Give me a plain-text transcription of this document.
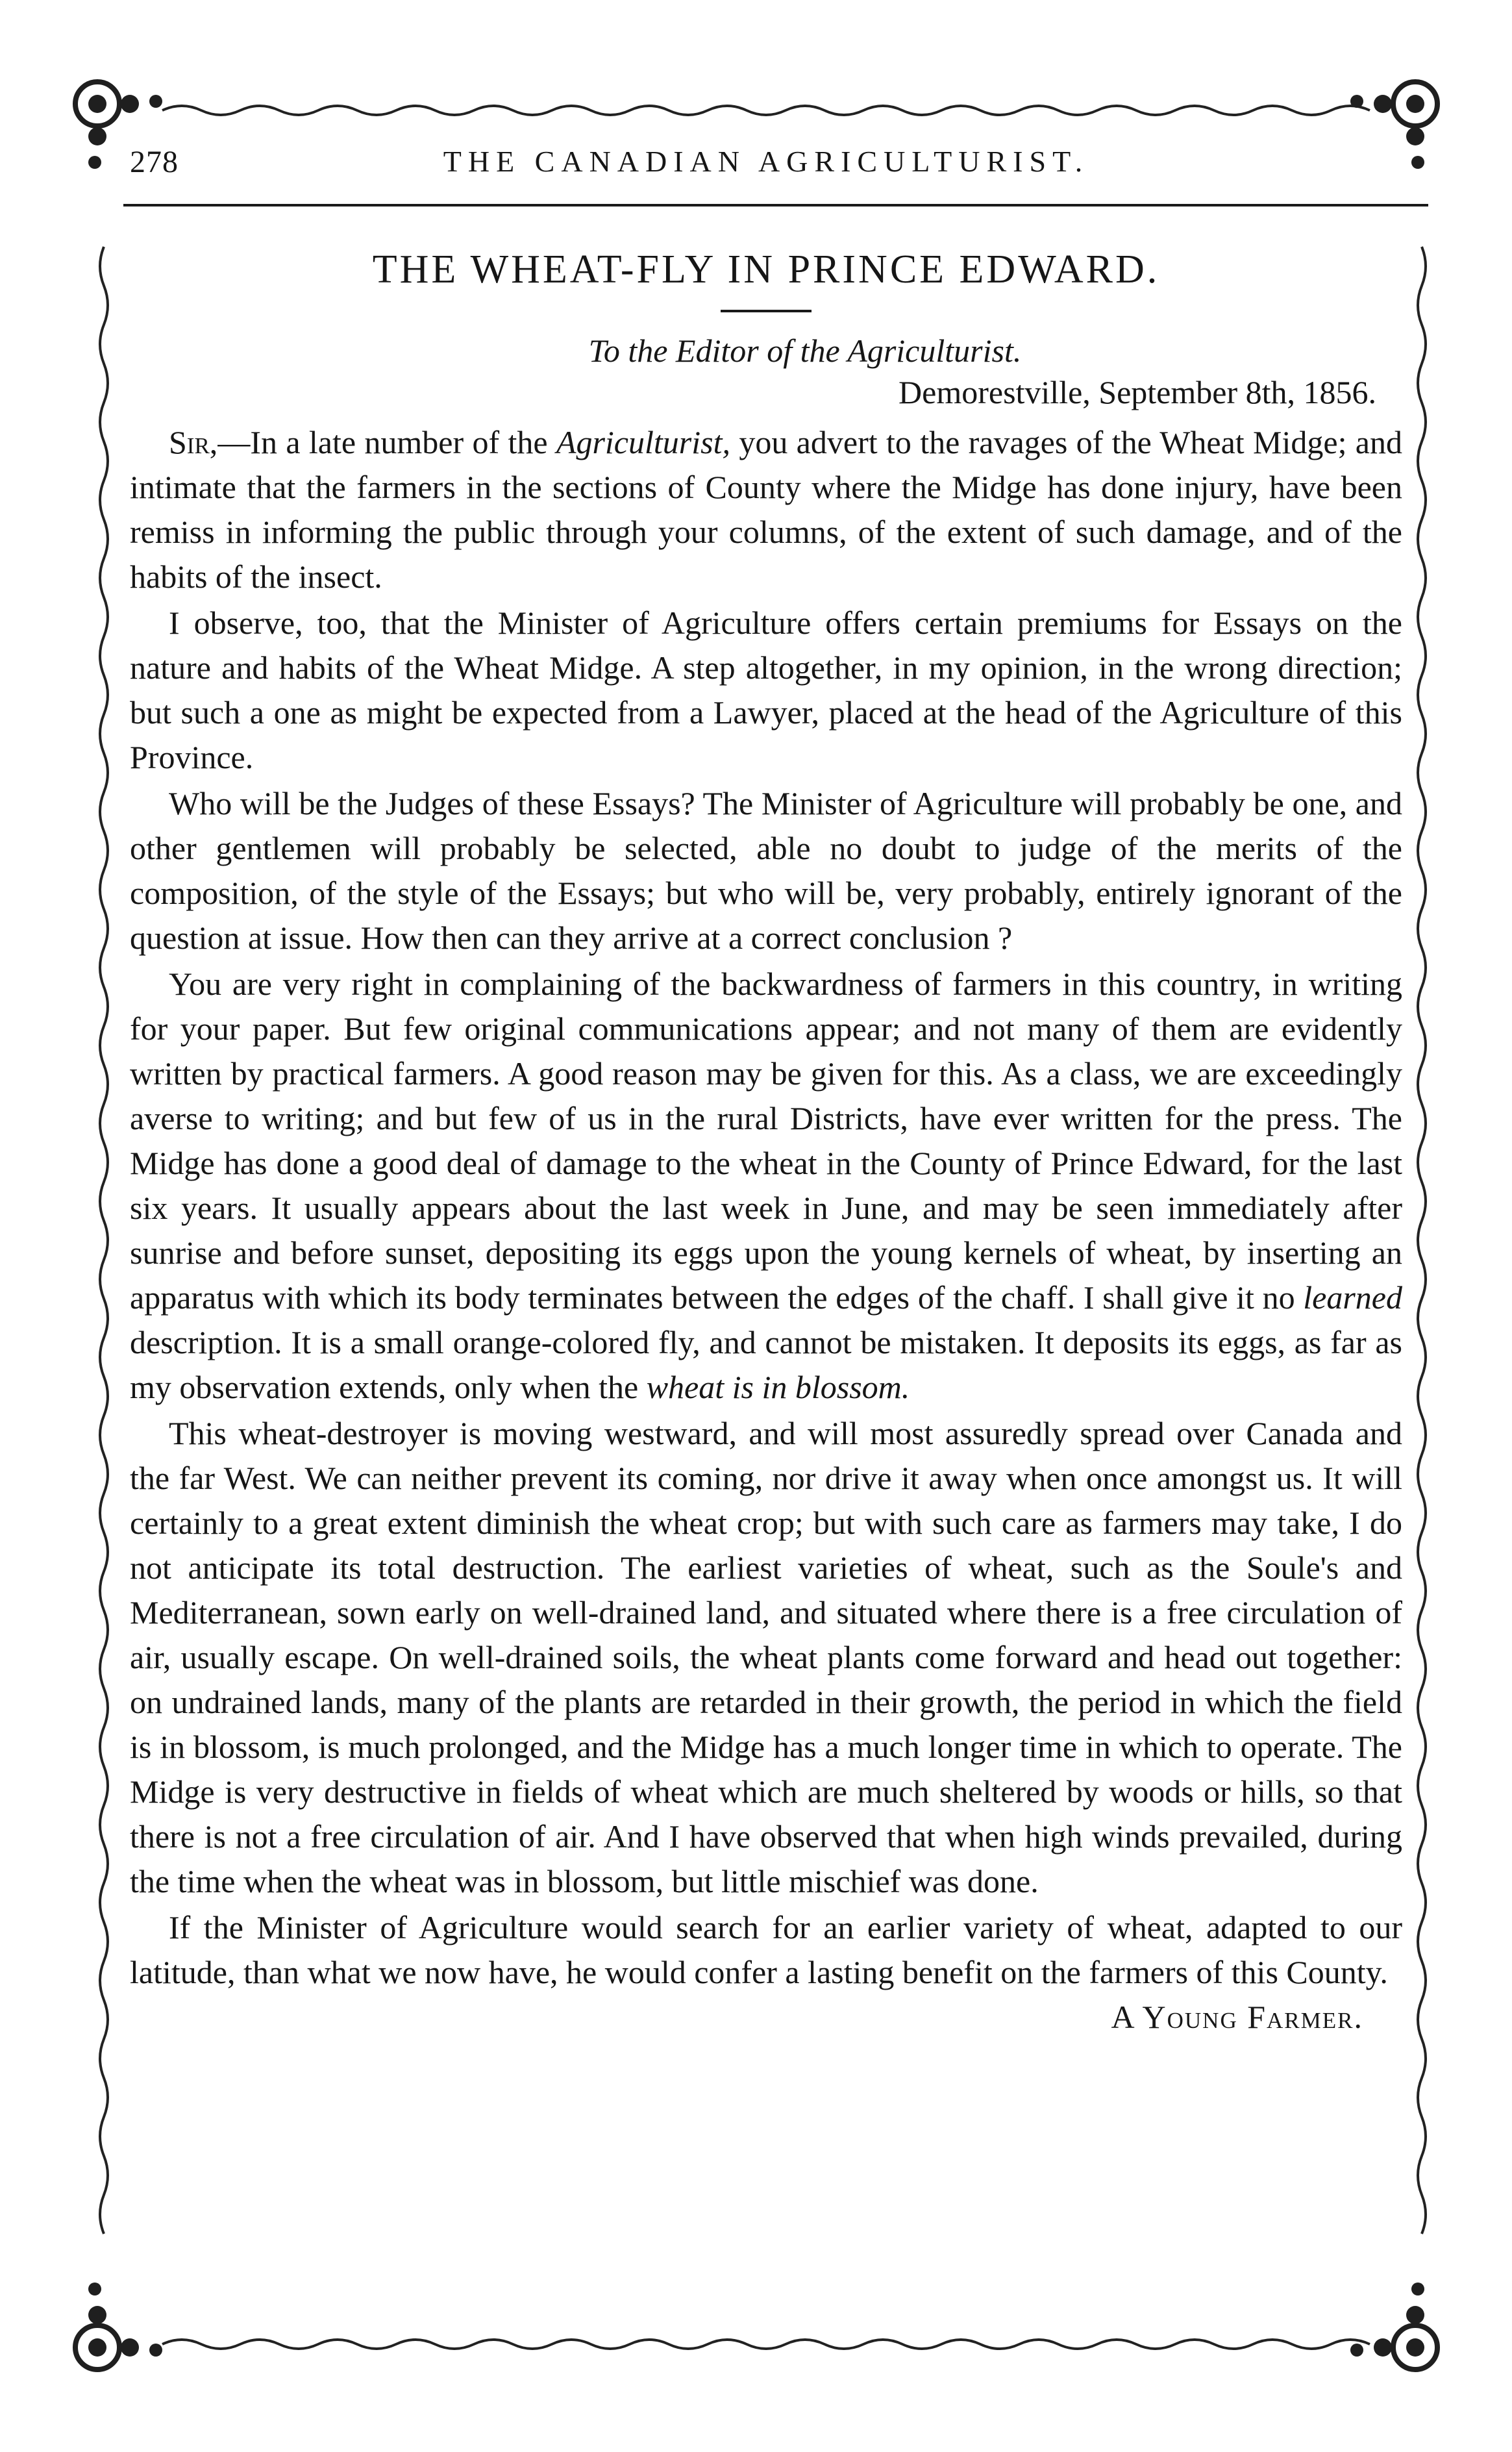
278	THE CANADIAN AGRICULTURIST.
THE WHEAT-FLY IN PRINCE EDWARD.
To the Editor of the Agriculturist.
Demorestville, September 8th, 1856.

Sir,—In a late number of the Agriculturist, you advert to the ravages of the Wheat Midge; and intimate that the farmers in the sections of County where the Midge has done injury, have been remiss in informing the public through your columns, of the extent of such damage, and of the habits of the insect.

I observe, too, that the Minister of Agriculture offers certain premiums for Essays on the nature and habits of the Wheat Midge. A step altogether, in my opinion, in the wrong direction; but such a one as might be expected from a Lawyer, placed at the head of the Agriculture of this Province.

Who will be the Judges of these Essays? The Minister of Agriculture will probably be one, and other gentlemen will probably be selected, able no doubt to judge of the merits of the composition, of the style of the Essays; but who will be, very probably, entirely ignorant of the question at issue. How then can they arrive at a correct conclusion ?

You are very right in complaining of the backwardness of farmers in this country, in writing for your paper. But few original communications appear; and not many of them are evidently written by practical farmers. A good reason may be given for this. As a class, we are exceedingly averse to writing; and but few of us in the rural Districts, have ever written for the press. The Midge has done a good deal of damage to the wheat in the County of Prince Edward, for the last six years. It usually appears about the last week in June, and may be seen immediately after sunrise and before sunset, depositing its eggs upon the young kernels of wheat, by inserting an apparatus with which its body terminates between the edges of the chaff. I shall give it no learned description. It is a small orange-colored fly, and cannot be mistaken. It deposits its eggs, as far as my observation extends, only when the wheat is in blossom.

This wheat-destroyer is moving westward, and will most assuredly spread over Canada and the far West. We can neither prevent its coming, nor drive it away when once amongst us. It will certainly to a great extent diminish the wheat crop; but with such care as farmers may take, I do not anticipate its total destruction. The earliest varieties of wheat, such as the Soule's and Mediterranean, sown early on well-drained land, and situated where there is a free circulation of air, usually escape. On well-drained soils, the wheat plants come forward and head out together: on undrained lands, many of the plants are retarded in their growth, the period in which the field is in blossom, is much prolonged, and the Midge has a much longer time in which to operate. The Midge is very destructive in fields of wheat which are much sheltered by woods or hills, so that there is not a free circulation of air. And I have observed that when high winds prevailed, during the time when the wheat was in blossom, but little mischief was done.

If the Minister of Agriculture would search for an earlier variety of wheat, adapted to our latitude, than what we now have, he would confer a lasting benefit on the farmers of this County.
A Young Farmer.
